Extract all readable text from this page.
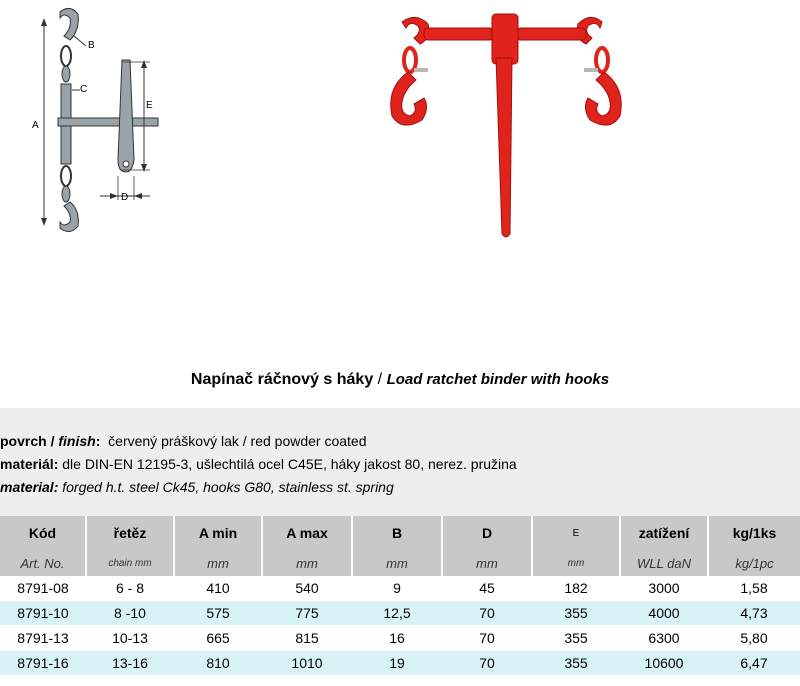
A
B
C
E
D
Napínač ráčnový s háky / Load ratchet binder with hooks
povrch / finish: červený práškový lak / red powder coated
materiál: dle DIN-EN 12195-3, ušlechtilá ocel C45E, háky jakost 80, nerez. pružina
material: forged h.t. steel Ck45, hooks G80, stainless st. spring
Kód	řetěz	A min	A max	B	D	E	zatížení	kg/1ks
Art. No.	chain mm	mm	mm	mm	mm	mm	WLL daN	kg/1pc
8791-08	6 - 8	410	540	9	45	182	3000	1,58
8791-10	8 -10	575	775	12,5	70	355	4000	4,73
8791-13	10-13	665	815	16	70	355	6300	5,80
8791-16	13-16	810	1010	19	70	355	10600	6,47
